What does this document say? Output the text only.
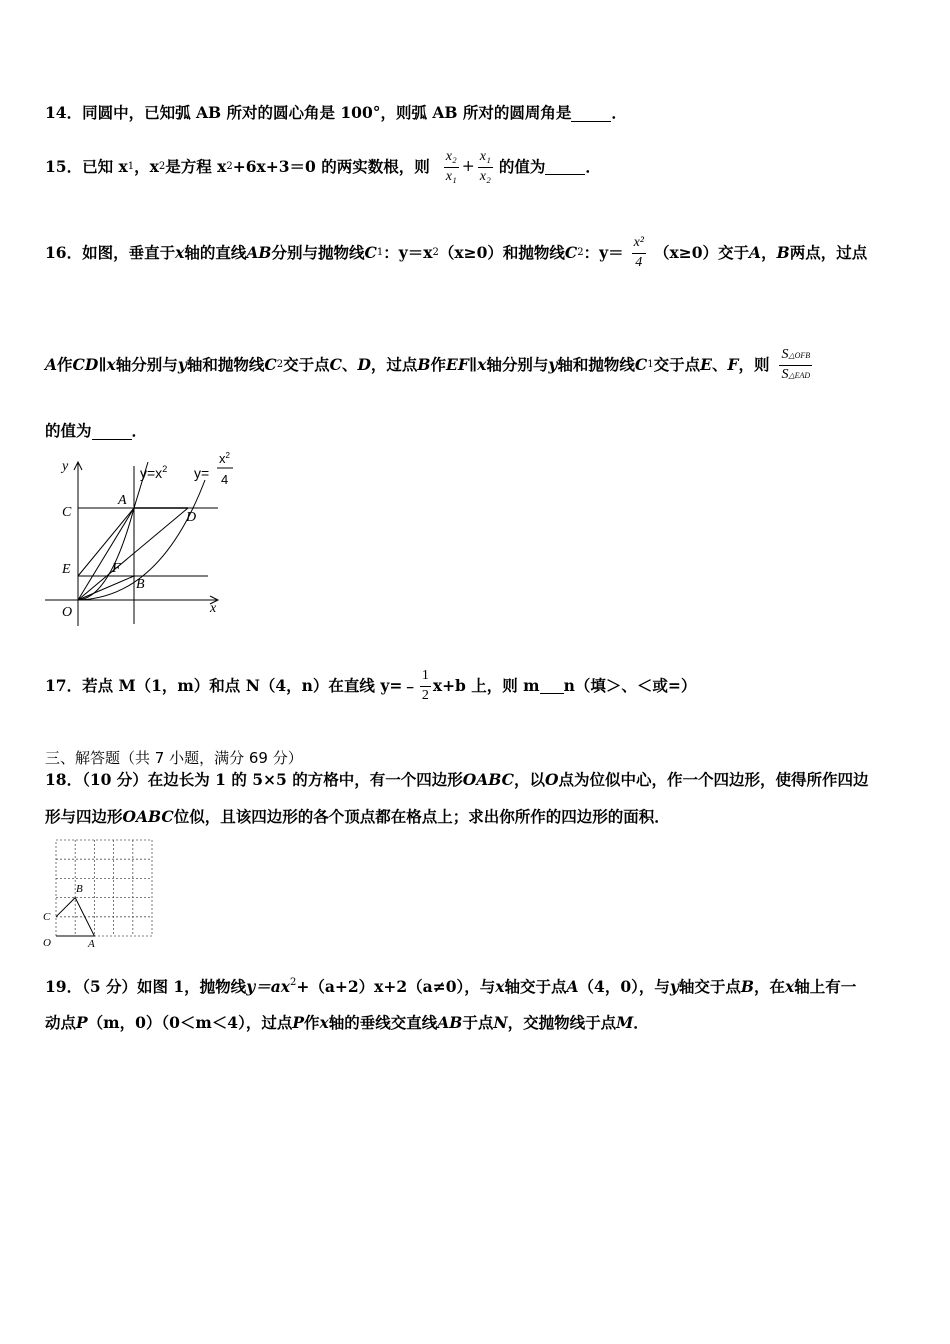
14．同圆中，已知弧 AB 所对的圆心角是 100°，则弧 AB 所对的圆周角是	．
15．已知 x 1 ，x 2 是方程 x 2 +6x+3＝0 的两实数根，则 $\frac{\text{x₂}}{\text{x₁}} + \frac{\text{x₁}}{\text{x₂}}$ 的值为
	．
16．如图，垂直于 x 轴的直线 AB 分别与抛物线 C 1 ：y＝x 2 （x≥0）和抛物线 C 2 ：$y= \frac{\text{x²}}{4} (x\ge 0)$交于 A ， B 两点，过点
A 作 CD ∥ x 轴分别与 y 轴和抛物线 C 2 交于点 C 、 D ，过点 B 作 EF ∥ x 轴分别与 y 轴和抛物线 C 1 交于点 E 、 F ，则 $\frac{\text{S△OFB}}{\text{S△EAD}}$
的值为	．
y
x
O
C
E
A
D
F
B
$y=x^2$ y=
$x^2$
4
17．若点 M（1，m）和点 N（4，n）在直线 y=﹣ $\frac{1}{2} x+b$ 上，则 m
n（填＞、＜或=）
三、解答题（共 7 小题，满分 69 分）
18．（10 分）在边长为 1 的 5×5 的方格中，有一个四边形OABC，以O点为位似中心，作一个四边形，使得所作四边
形与四边形OABC位似，且该四边形的各个顶点都在格点上；求出你所作的四边形的面积．
B
C
O	A
19．（5 分）如图 1，抛物线$y=ax^2+(a+2)x+2(a\ne 0)$，与x轴交于点A（4，0），与y轴交于点B，在x轴上有一
动点P（m，0）（0＜m＜4），过点P作x轴的垂线交直线AB于点N，交抛物线于点M．
